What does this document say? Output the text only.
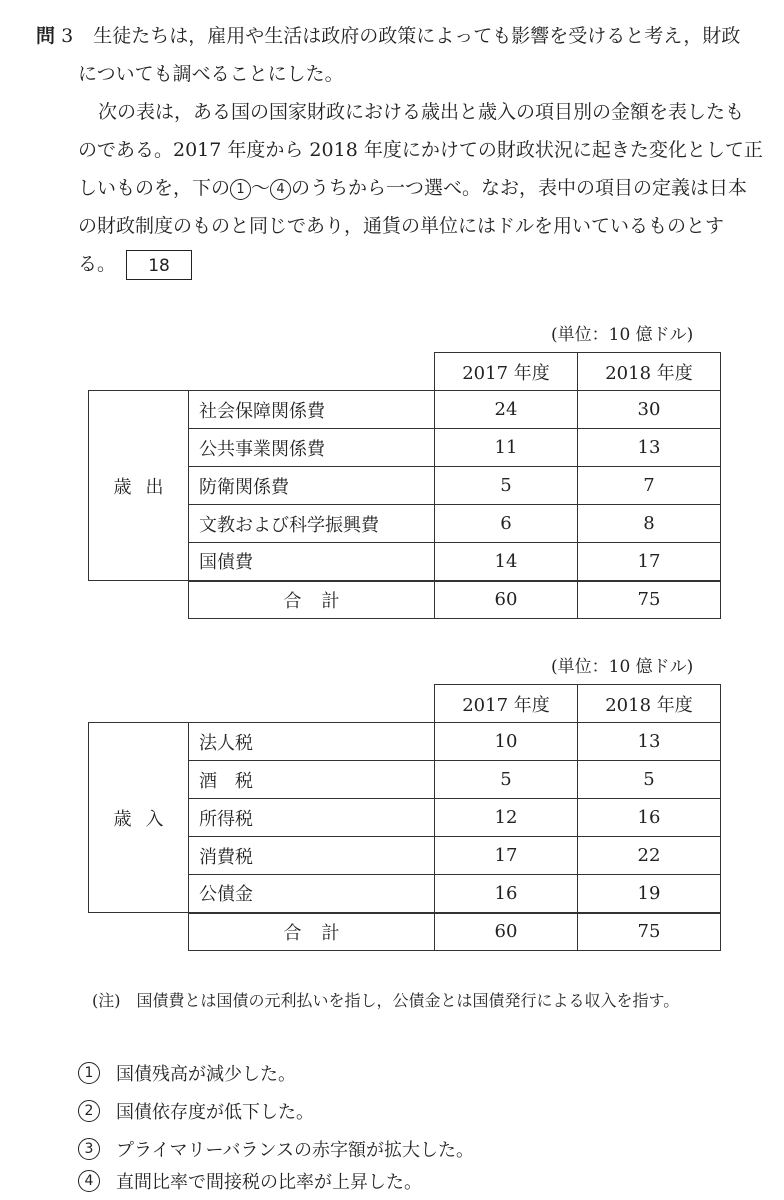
問 3 生徒たちは，雇用や生活は政府の政策によっても影響を受けると考え，財政
についても調べることにした。
次の表は，ある国の国家財政における歳出と歳入の項目別の金額を表したも
のである。2017 年度から 2018 年度にかけての財政状況に起きた変化として正
しいものを，下の 1 ～ 4 のうちから一つ選べ。なお，表中の項目の定義は日本
の財政制度のものと同じであり，通貨の単位にはドルを用いているものとす
る。 18
(単位：10 億ドル)
		2017 年度	2018 年度
歳出	社会保障関係費	24	30
	公共事業関係費	11	13
	防衛関係費	5	7
	文教および科学振興費	6	8
	国債費	14	17
	合計	60	75
(単位：10 億ドル)
		2017 年度	2018 年度
歳入	法人税	10	13
	酒　税	5	5
	所得税	12	16
	消費税	17	22
	公債金	16	19
	合計	60	75
(注)　国債費とは国債の元利払いを指し，公債金とは国債発行による収入を指す。
1	国債残高が減少した。
2	国債依存度が低下した。
3	プライマリーバランスの赤字額が拡大した。
4	直間比率で間接税の比率が上昇した。
